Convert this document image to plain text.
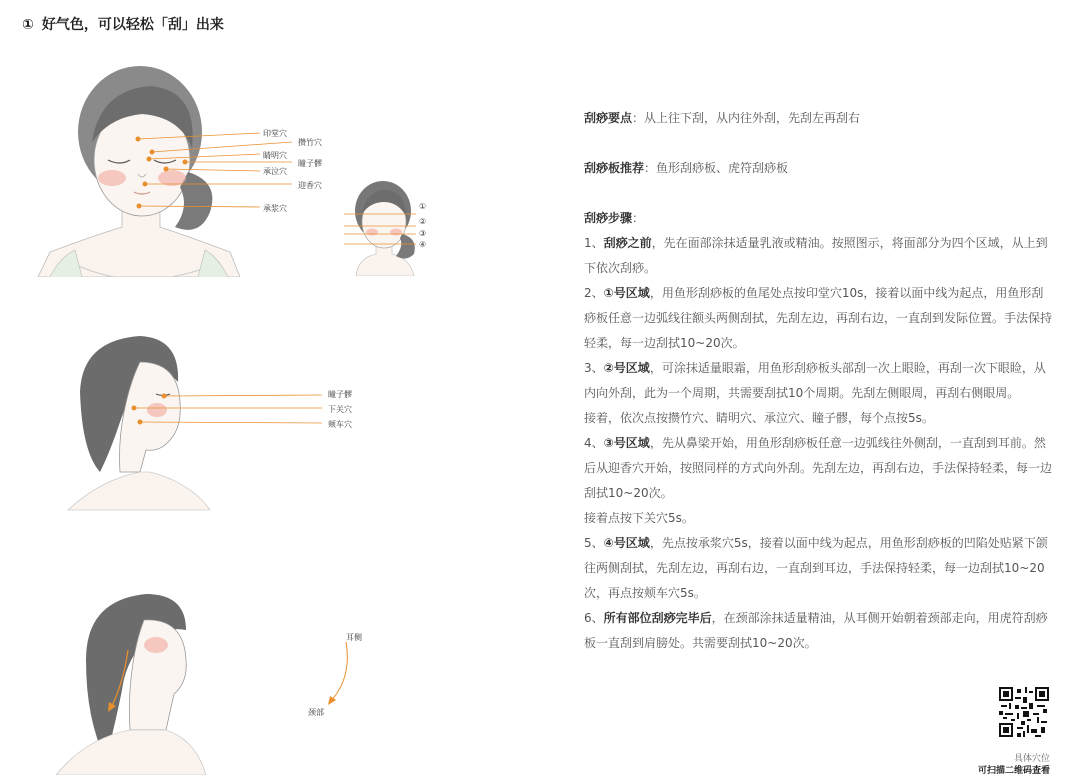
① 好气色，可以轻松「刮」出来
印堂穴
攒竹穴
睛明穴
瞳子髎
承泣穴
迎香穴
承浆穴	①
②
③
④
瞳子髎
下关穴
颊车穴
耳侧
颈部

刮痧要点：从上往下刮，从内往外刮，先刮左再刮右

刮痧板推荐：鱼形刮痧板、虎符刮痧板

刮痧步骤：

1、刮痧之前，先在面部涂抹适量乳液或精油。按照图示，将面部分为四个区域，从上到下依次刮痧。

2、①号区域，用鱼形刮痧板的鱼尾处点按印堂穴10s，接着以面中线为起点，用鱼形刮痧板任意一边弧线往额头两侧刮拭，先刮左边，再刮右边，一直刮到发际位置。手法保持轻柔，每一边刮拭10~20次。

3、②号区域，可涂抹适量眼霜，用鱼形刮痧板头部刮一次上眼睑，再刮一次下眼睑，从内向外刮，此为一个周期，共需要刮拭10个周期。先刮左侧眼周，再刮右侧眼周。

接着，依次点按攒竹穴、睛明穴、承泣穴、瞳子髎，每个点按5s。

4、③号区域，先从鼻梁开始，用鱼形刮痧板任意一边弧线往外侧刮，一直刮到耳前。然后从迎香穴开始，按照同样的方式向外刮。先刮左边，再刮右边，手法保持轻柔，每一边刮拭10~20次。

接着点按下关穴5s。

5、④号区域，先点按承浆穴5s，接着以面中线为起点，用鱼形刮痧板的凹陷处贴紧下颌往两侧刮拭，先刮左边，再刮右边，一直刮到耳边，手法保持轻柔，每一边刮拭10~20次，再点按颊车穴5s。

6、所有部位刮痧完毕后，在颈部涂抹适量精油，从耳侧开始朝着颈部走向，用虎符刮痧板一直刮到肩膀处。共需要刮拭10~20次。

具体穴位
可扫描二维码查看
